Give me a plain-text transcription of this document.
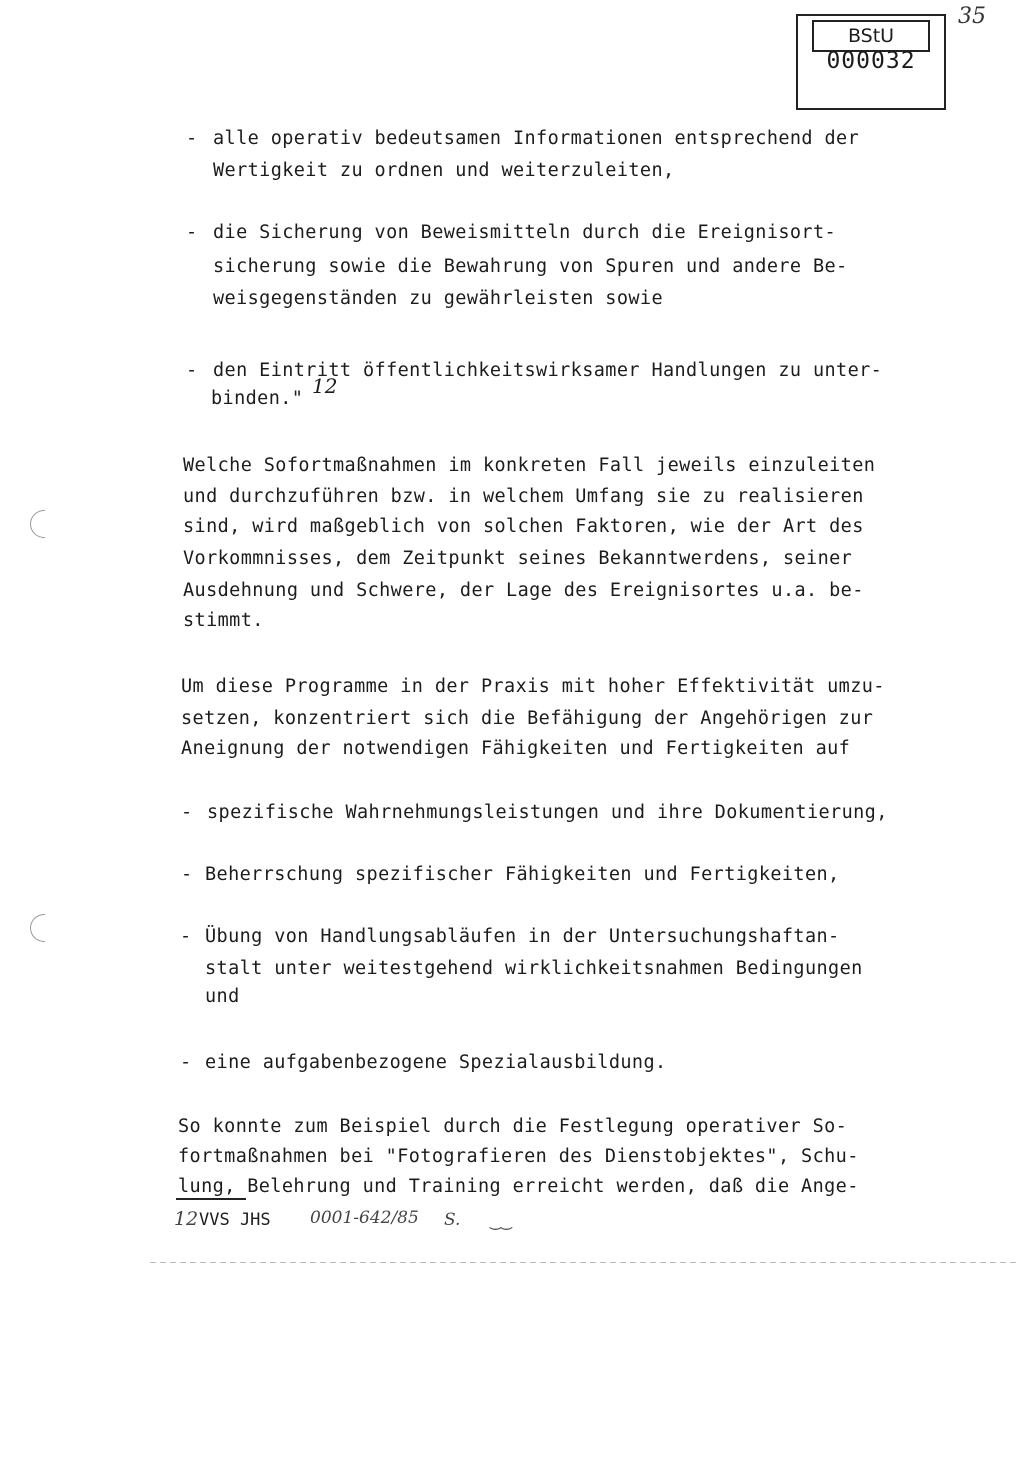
BStU
000032
35
- alle operativ bedeutsamen Informationen entsprechend der
Wertigkeit zu ordnen und weiterzuleiten,
- die Sicherung von Beweismitteln durch die Ereignisort-
sicherung sowie die Bewahrung von Spuren und andere Be-
weisgegenständen zu gewährleisten sowie
- den Eintritt öffentlichkeitswirksamer Handlungen zu unter-
binden."
12
Welche Sofortmaßnahmen im konkreten Fall jeweils einzuleiten
und durchzuführen bzw. in welchem Umfang sie zu realisieren
sind, wird maßgeblich von solchen Faktoren, wie der Art des
Vorkommnisses, dem Zeitpunkt seines Bekanntwerdens, seiner
Ausdehnung und Schwere, der Lage des Ereignisortes u.a. be-
stimmt.
Um diese Programme in der Praxis mit hoher Effektivität umzu-
setzen, konzentriert sich die Befähigung der Angehörigen zur
Aneignung der notwendigen Fähigkeiten und Fertigkeiten auf
- spezifische Wahrnehmungsleistungen und ihre Dokumentierung,
- Beherrschung spezifischer Fähigkeiten und Fertigkeiten,
- Übung von Handlungsabläufen in der Untersuchungshaftan-
stalt unter weitestgehend wirklichkeitsnahmen Bedingungen
und
- eine aufgabenbezogene Spezialausbildung.
So konnte zum Beispiel durch die Festlegung operativer So-
fortmaßnahmen bei "Fotografieren des Dienstobjektes", Schu-
lung, Belehrung und Training erreicht werden, daß die Ange-
12 VVS JHS 0001-642/85 S. ‿‿
